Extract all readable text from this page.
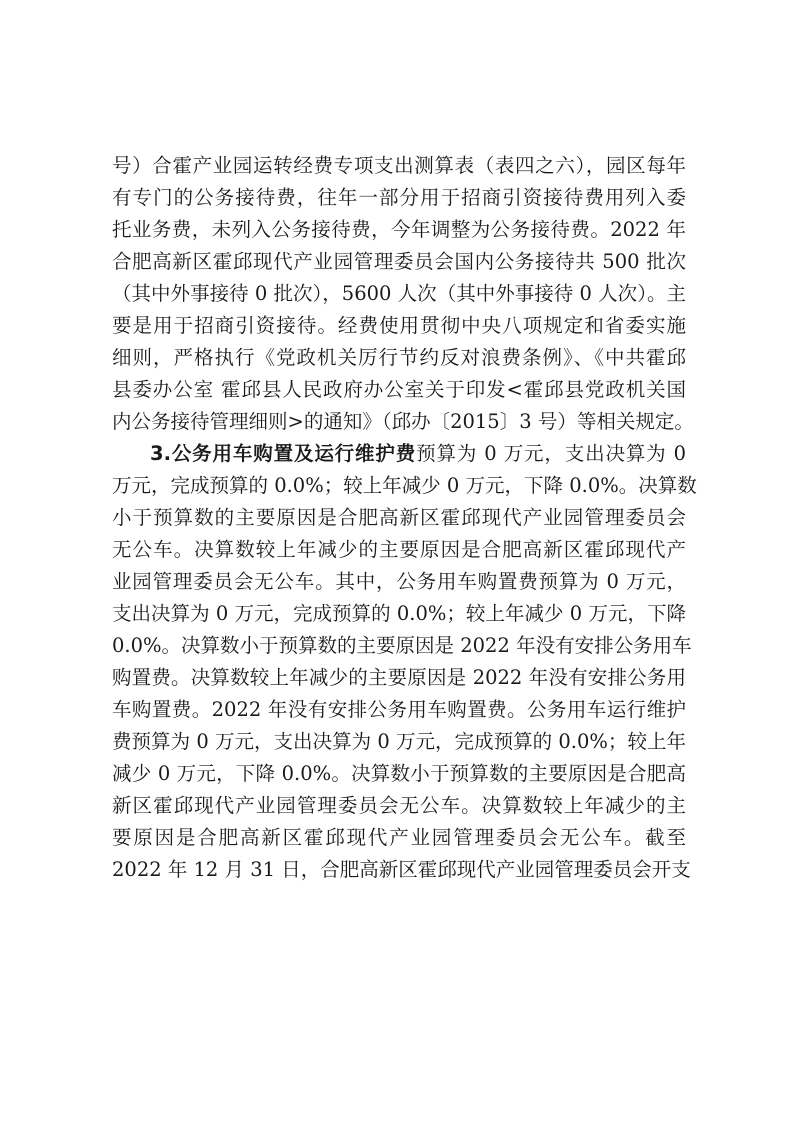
号）合霍产业园运转经费专项支出测算表（表四之六），园区每年
有专门的公务接待费，往年一部分用于招商引资接待费用列入委
托业务费，未列入公务接待费，今年调整为公务接待费。2022 年
合肥高新区霍邱现代产业园管理委员会国内公务接待共 500 批次
（其中外事接待 0 批次），5600 人次（其中外事接待 0 人次）。主
要是用于招商引资接待。经费使用贯彻中央八项规定和省委实施
细则，严格执行《党政机关厉行节约反对浪费条例》、《中共霍邱
县委办公室 霍邱县人民政府办公室关于印发<霍邱县党政机关国
内公务接待管理细则>的通知》（邱办〔2015〕3 号）等相关规定。
3.公务用车购置及运行维护费预算为 0 万元，支出决算为 0
万元，完成预算的 0.0%；较上年减少 0 万元，下降 0.0%。决算数
小于预算数的主要原因是合肥高新区霍邱现代产业园管理委员会
无公车。决算数较上年减少的主要原因是合肥高新区霍邱现代产
业园管理委员会无公车。其中，公务用车购置费预算为 0 万元，
支出决算为 0 万元，完成预算的 0.0%；较上年减少 0 万元，下降
0.0%。决算数小于预算数的主要原因是 2022 年没有安排公务用车
购置费。决算数较上年减少的主要原因是 2022 年没有安排公务用
车购置费。2022 年没有安排公务用车购置费。公务用车运行维护
费预算为 0 万元，支出决算为 0 万元，完成预算的 0.0%；较上年
减少 0 万元，下降 0.0%。决算数小于预算数的主要原因是合肥高
新区霍邱现代产业园管理委员会无公车。决算数较上年减少的主
要原因是合肥高新区霍邱现代产业园管理委员会无公车。截至
2022 年 12 月 31 日，合肥高新区霍邱现代产业园管理委员会开支
